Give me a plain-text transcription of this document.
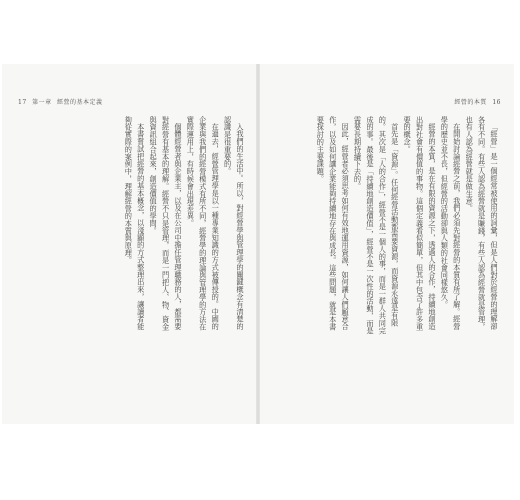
17 第一章 經營的基本定義

入我們的生活中。所以，對經營學與管理學的關鍵概念有清楚的認識是很重要的。

在過去，經營管理學是以一種專業知識的方式被傳授的。中國的企業與我們的經營模式有所不同，經營學的理論與管理學的方法在實際運用上，有時候會出現差異。

個體經營者與企業主，以及在公司中擔任管理職務的人，都需要對經營有基本的理解。經營不只是管理，而是一門把人、物、資金與資訊組合起來，創造價值的學問。

本書嘗試把經營的基本概念，以淺顯的方式整理出來，讓讀者能夠從實際的案例中，理解經營的本質與原理。

經營的本質 16

「經營」是一個經常被使用的詞彙，但是人們對於經營的理解卻各有不同。有些人認為經營就是賺錢，有些人認為經營就是管理，也有人認為經營就是做生意。

在開始討論經營之前，我們必須先對經營的本質有所了解。經營學的歷史並不長，但經營的活動卻與人類的社會同樣悠久。

經營的本質，是在有限的資源之下，透過人的合作，持續地創造出對社會有價值的事物。這個定義看似簡單，但其中包含了許多重要的概念。

首先是「資源」。任何經營活動都需要資源，而資源永遠是有限的。其次是「人的合作」，經營不是一個人的事，而是一群人共同完成的事。最後是「持續地創造價值」，經營不是一次性的活動，而是需要長期持續下去的。

因此，經營者必須思考如何有效地運用資源，如何讓人們願意合作，以及如何讓企業能夠持續地存在與成長。這些問題，就是本書要探討的主要課題。
